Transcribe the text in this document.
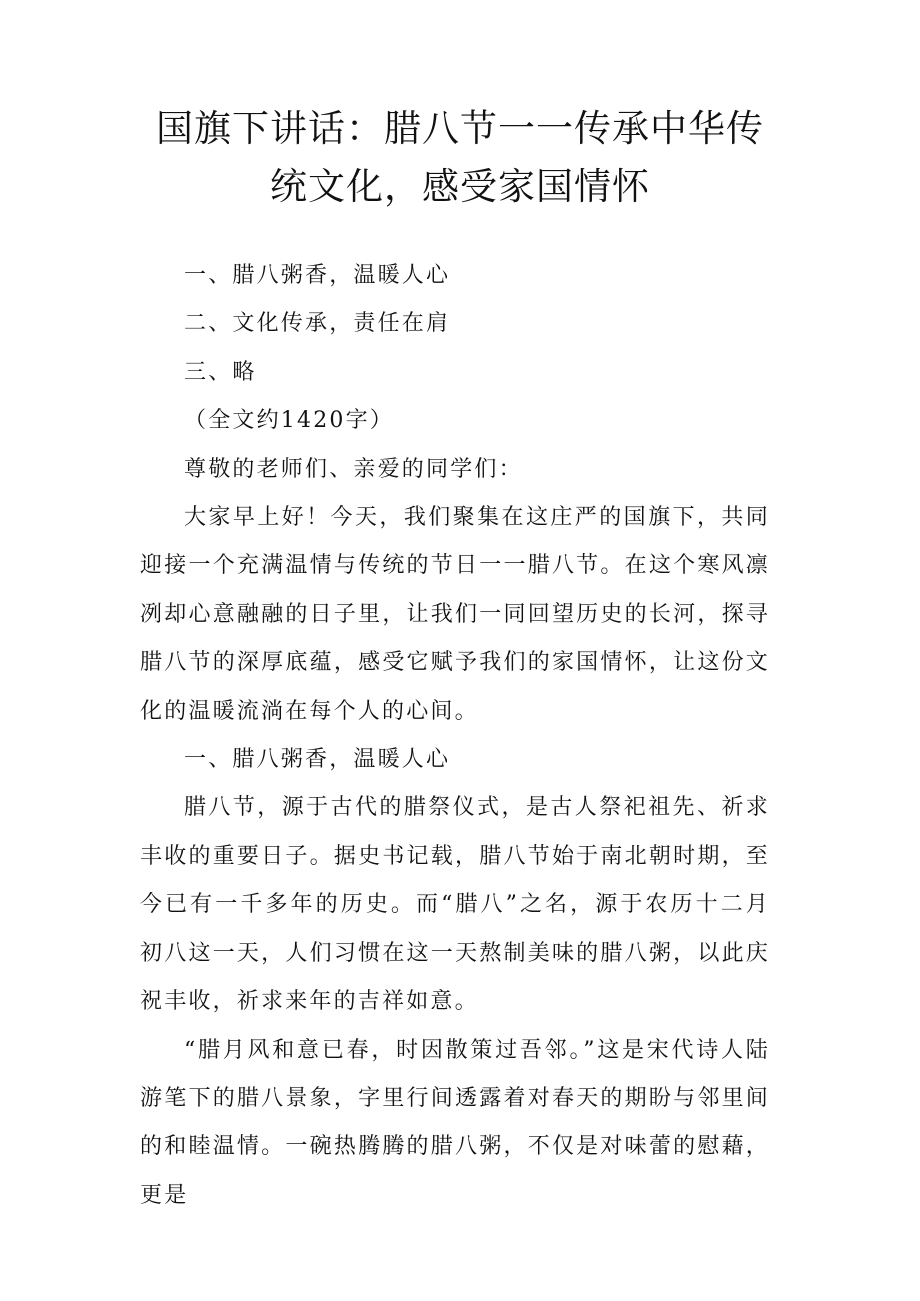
国旗下讲话：腊八节一一传承中华传统文化，感受家国情怀

一、腊八粥香，温暖人心

二、文化传承，责任在肩

三、略

（全文约1420字）

尊敬的老师们、亲爱的同学们：

大家早上好！今天，我们聚集在这庄严的国旗下，共同迎接一个充满温情与传统的节日一一腊八节。在这个寒风凛冽却心意融融的日子里，让我们一同回望历史的长河，探寻腊八节的深厚底蕴，感受它赋予我们的家国情怀，让这份文化的温暖流淌在每个人的心间。

一、腊八粥香，温暖人心

腊八节，源于古代的腊祭仪式，是古人祭祀祖先、祈求丰收的重要日子。据史书记载，腊八节始于南北朝时期，至今已有一千多年的历史。而“腊八”之名，源于农历十二月初八这一天，人们习惯在这一天熬制美味的腊八粥，以此庆祝丰收，祈求来年的吉祥如意。

“腊月风和意已春，时因散策过吾邻。”这是宋代诗人陆游笔下的腊八景象，字里行间透露着对春天的期盼与邻里间的和睦温情。一碗热腾腾的腊八粥，不仅是对味蕾的慰藉，更是
